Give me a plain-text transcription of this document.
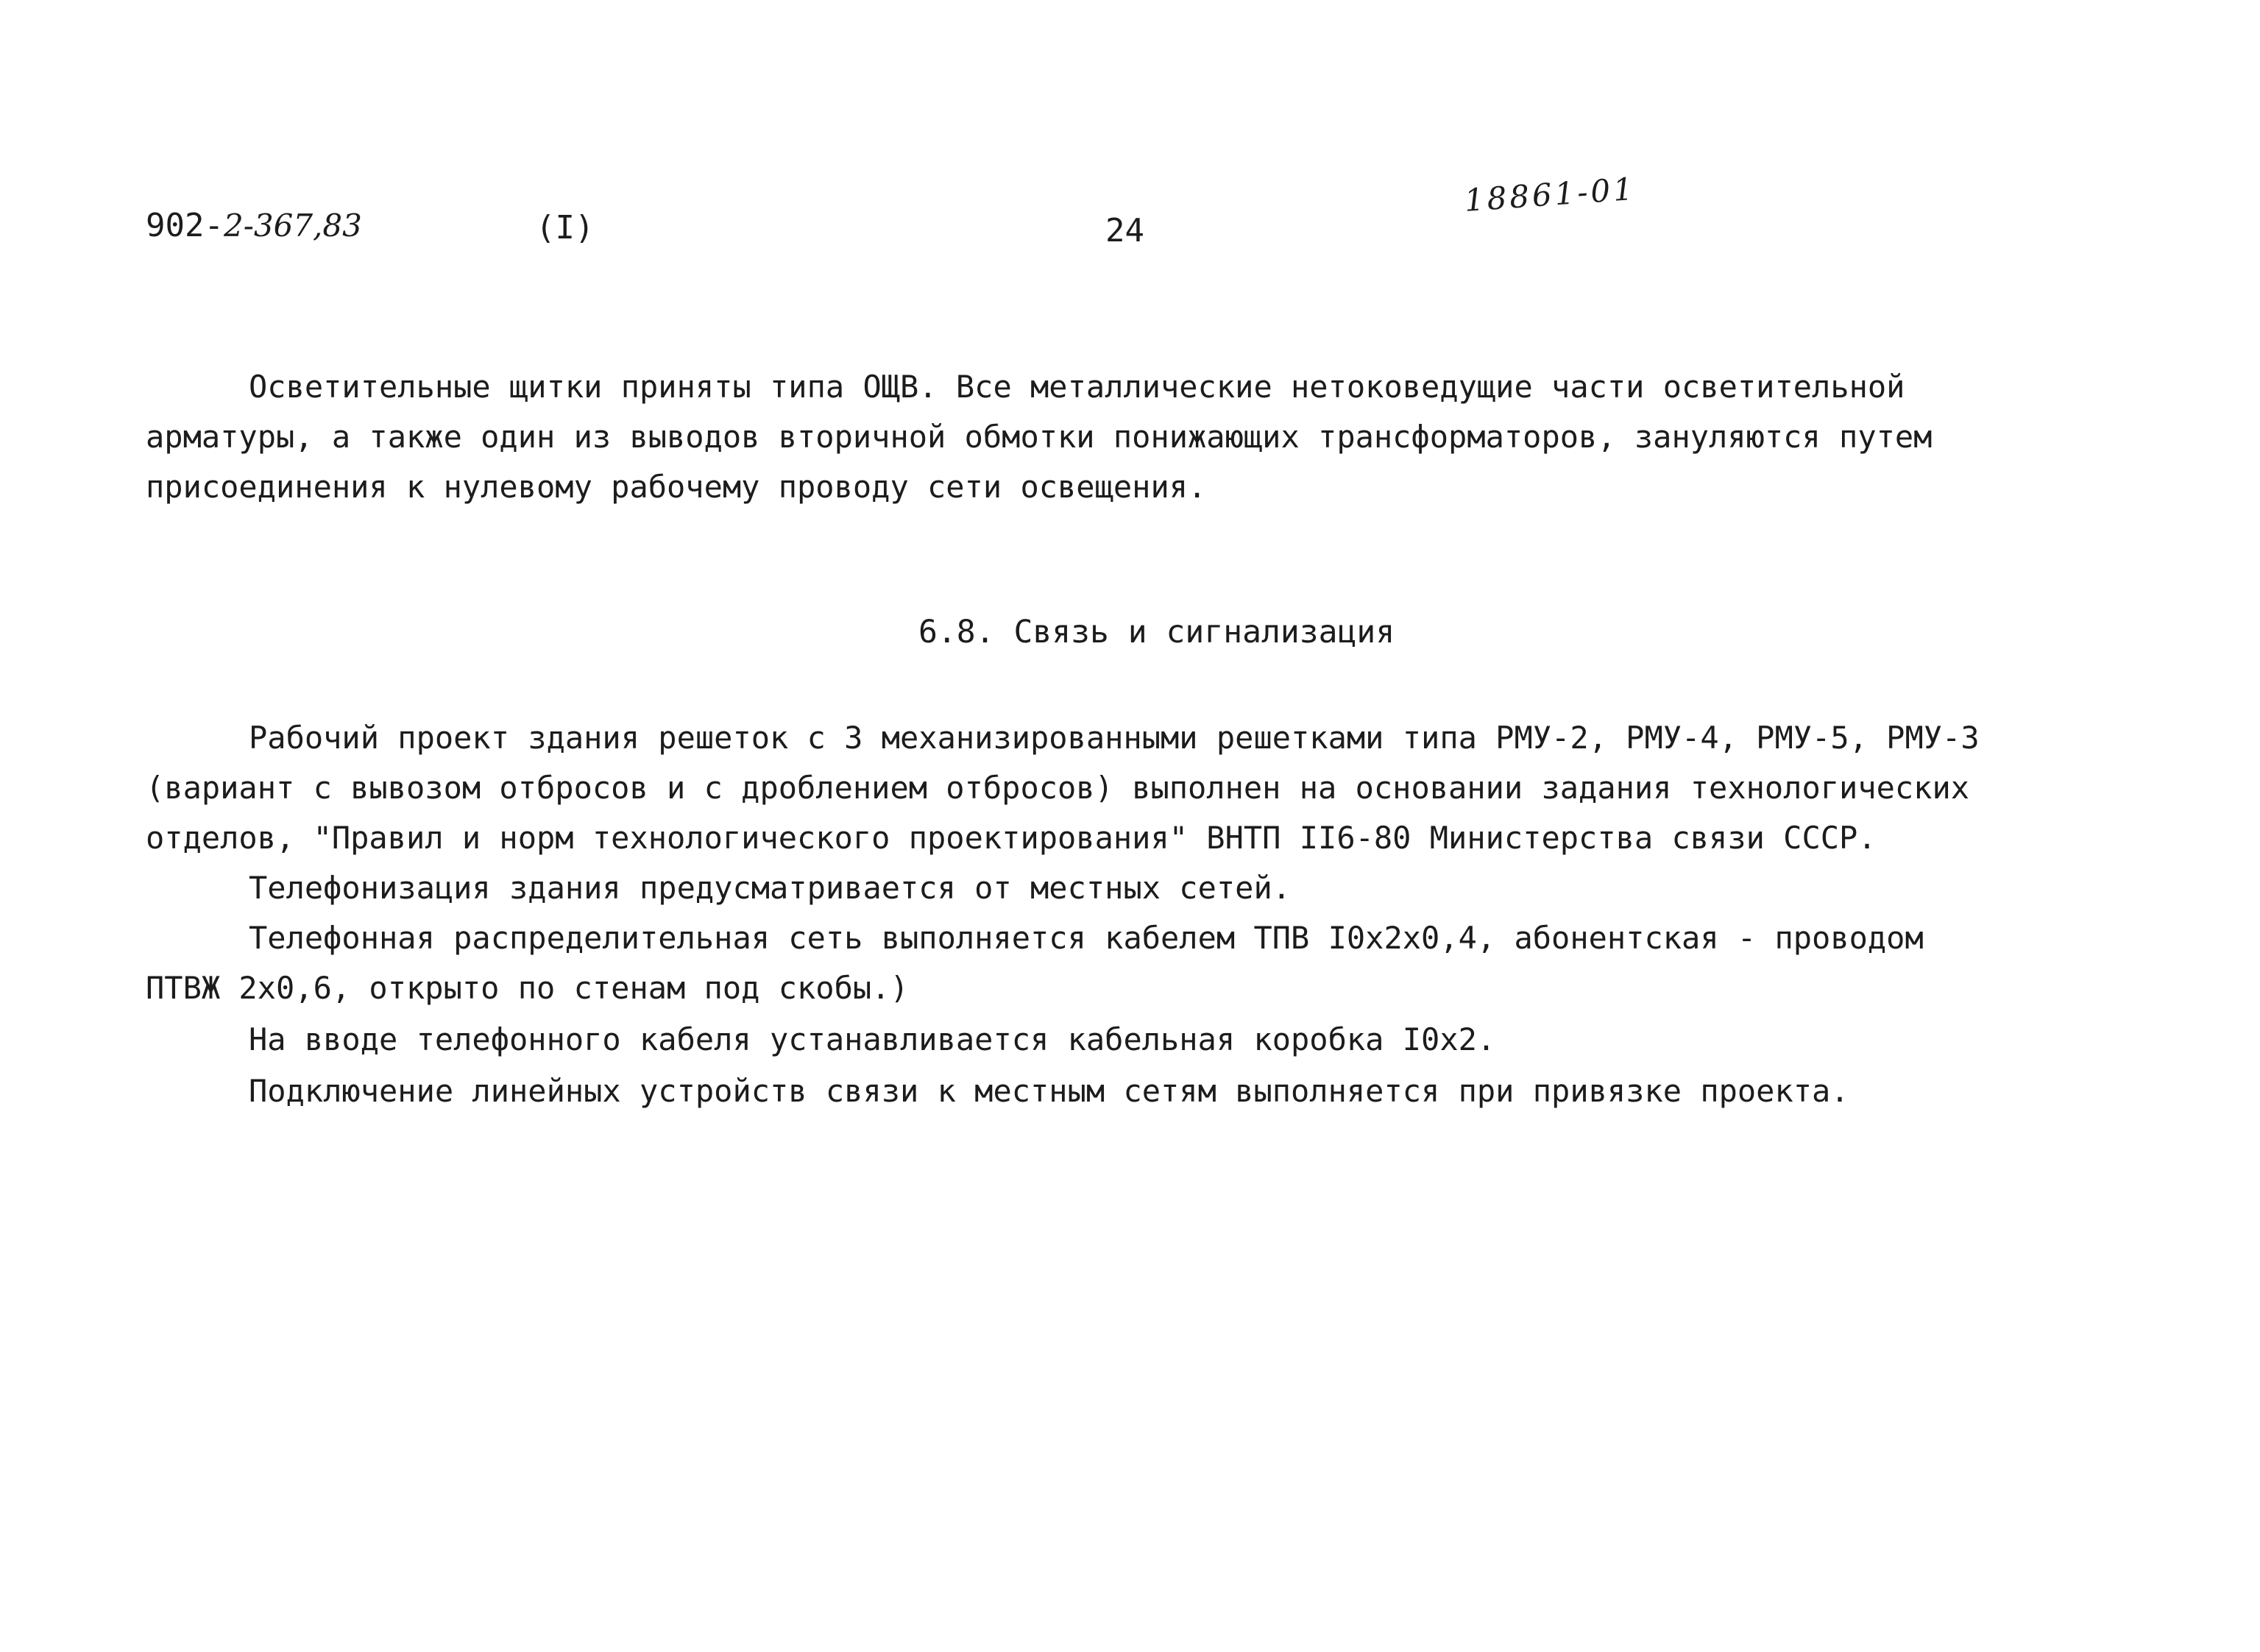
902-2-367,83	(I)	24
18861-01
Осветительные щитки приняты типа ОЩВ. Все металлические нетоковедущие части осветительной
арматуры, а также один из выводов вторичной обмотки понижающих трансформаторов, зануляются путем
присоединения к нулевому рабочему проводу сети освещения.
6.8. Связь и сигнализация
Рабочий проект здания решеток с 3 механизированными решетками типа РМУ-2, РМУ-4, РМУ-5, РМУ-3
(вариант с вывозом отбросов и с дроблением отбросов) выполнен на основании задания технологических
отделов, "Правил и норм технологического проектирования" ВНТП II6-80 Министерства связи СССР.
Телефонизация здания предусматривается от местных сетей.
Телефонная распределительная сеть выполняется кабелем ТПВ I0x2x0,4, абонентская - проводом
ПТВЖ 2x0,6, открыто по стенам под скобы.)
На вводе телефонного кабеля устанавливается кабельная коробка I0x2.
Подключение линейных устройств связи к местным сетям выполняется при привязке проекта.
